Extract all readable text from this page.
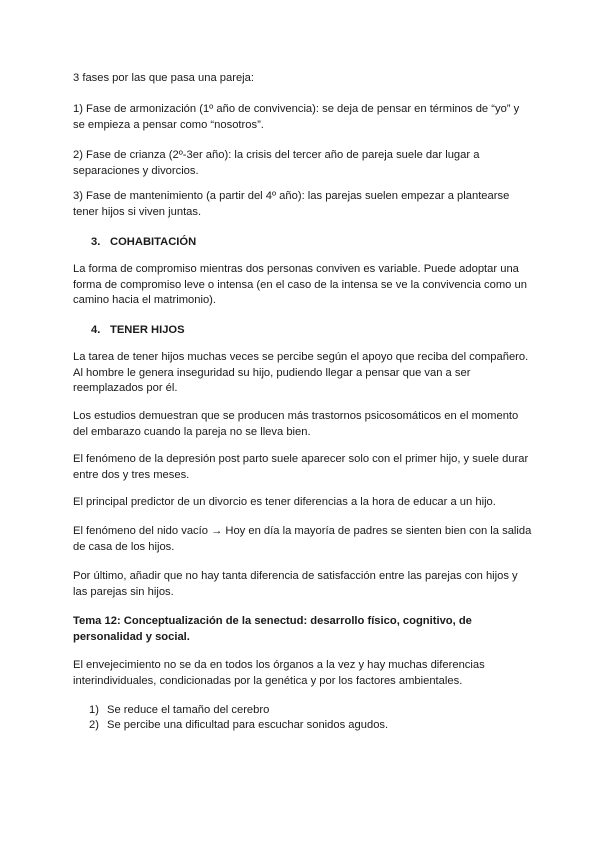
3 fases por las que pasa una pareja:

1) Fase de armonización (1º año de convivencia): se deja de pensar en términos de “yo” y se empieza a pensar como “nosotros”.

2) Fase de crianza (2º-3er año): la crisis del tercer año de pareja suele dar lugar a separaciones y divorcios.

3) Fase de mantenimiento (a partir del 4º año): las parejas suelen empezar a plantearse tener hijos si viven juntas.

3. COHABITACIÓN

La forma de compromiso mientras dos personas conviven es variable. Puede adoptar una forma de compromiso leve o intensa (en el caso de la intensa se ve la convivencia como un camino hacia el matrimonio).

4. TENER HIJOS

La tarea de tener hijos muchas veces se percibe según el apoyo que reciba del compañero. Al hombre le genera inseguridad su hijo, pudiendo llegar a pensar que van a ser reemplazados por él.

Los estudios demuestran que se producen más trastornos psicosomáticos en el momento del embarazo cuando la pareja no se lleva bien.

El fenómeno de la depresión post parto suele aparecer solo con el primer hijo, y suele durar entre dos y tres meses.

El principal predictor de un divorcio es tener diferencias a la hora de educar a un hijo.

El fenómeno del nido vacío → Hoy en día la mayoría de padres se sienten bien con la salida de casa de los hijos.

Por último, añadir que no hay tanta diferencia de satisfacción entre las parejas con hijos y las parejas sin hijos.

Tema 12: Conceptualización de la senectud: desarrollo físico, cognitivo, de personalidad y social.

El envejecimiento no se da en todos los órganos a la vez y hay muchas diferencias interindividuales, condicionadas por la genética y por los factores ambientales.

1) Se reduce el tamaño del cerebro
2) Se percibe una dificultad para escuchar sonidos agudos.
